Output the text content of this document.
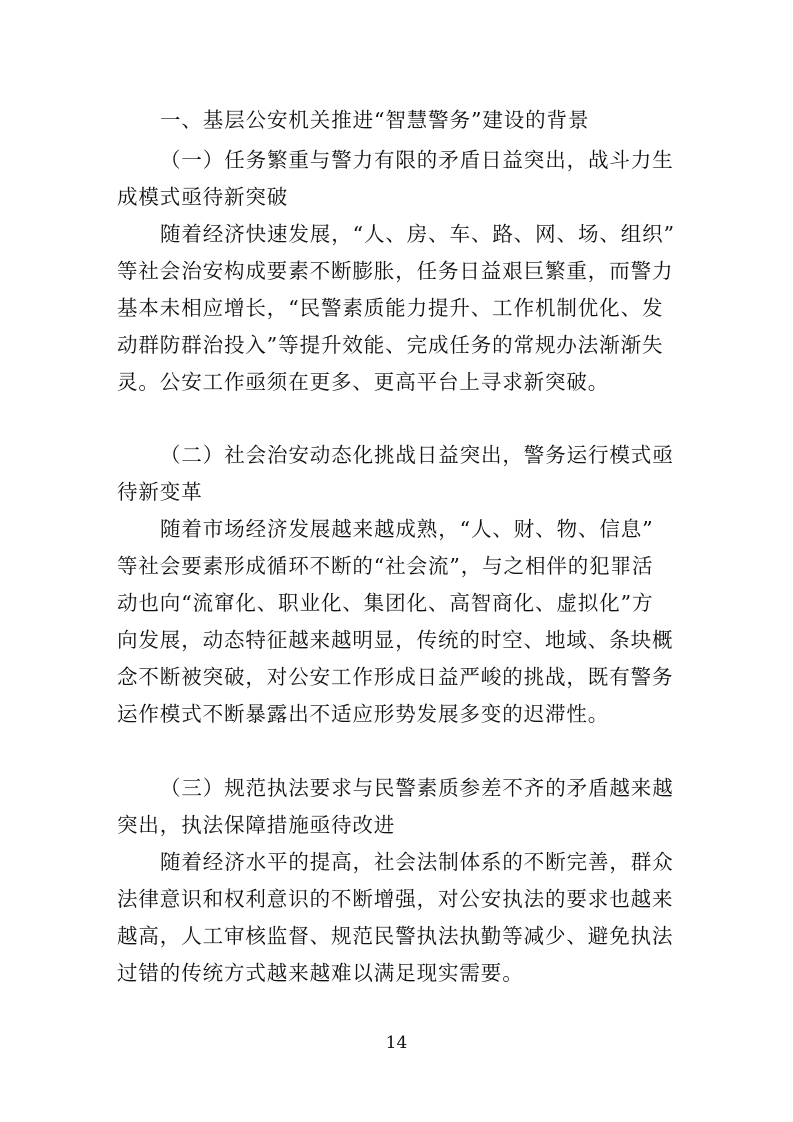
一、基层公安机关推进“智慧警务”建设的背景
（一）任务繁重与警力有限的矛盾日益突出，战斗力生
成模式亟待新突破
随着经济快速发展，“人、房、车、路、网、场、组织”
等社会治安构成要素不断膨胀，任务日益艰巨繁重，而警力
基本未相应增长，“民警素质能力提升、工作机制优化、发
动群防群治投入”等提升效能、完成任务的常规办法渐渐失
灵。公安工作亟须在更多、更高平台上寻求新突破。
（二）社会治安动态化挑战日益突出，警务运行模式亟
待新变革
随着市场经济发展越来越成熟，“人、财、物、信息”
等社会要素形成循环不断的“社会流”，与之相伴的犯罪活
动也向“流窜化、职业化、集团化、高智商化、虚拟化”方
向发展，动态特征越来越明显，传统的时空、地域、条块概
念不断被突破，对公安工作形成日益严峻的挑战，既有警务
运作模式不断暴露出不适应形势发展多变的迟滞性。
（三）规范执法要求与民警素质参差不齐的矛盾越来越
突出，执法保障措施亟待改进
随着经济水平的提高，社会法制体系的不断完善，群众
法律意识和权利意识的不断增强，对公安执法的要求也越来
越高，人工审核监督、规范民警执法执勤等减少、避免执法
过错的传统方式越来越难以满足现实需要。
14
